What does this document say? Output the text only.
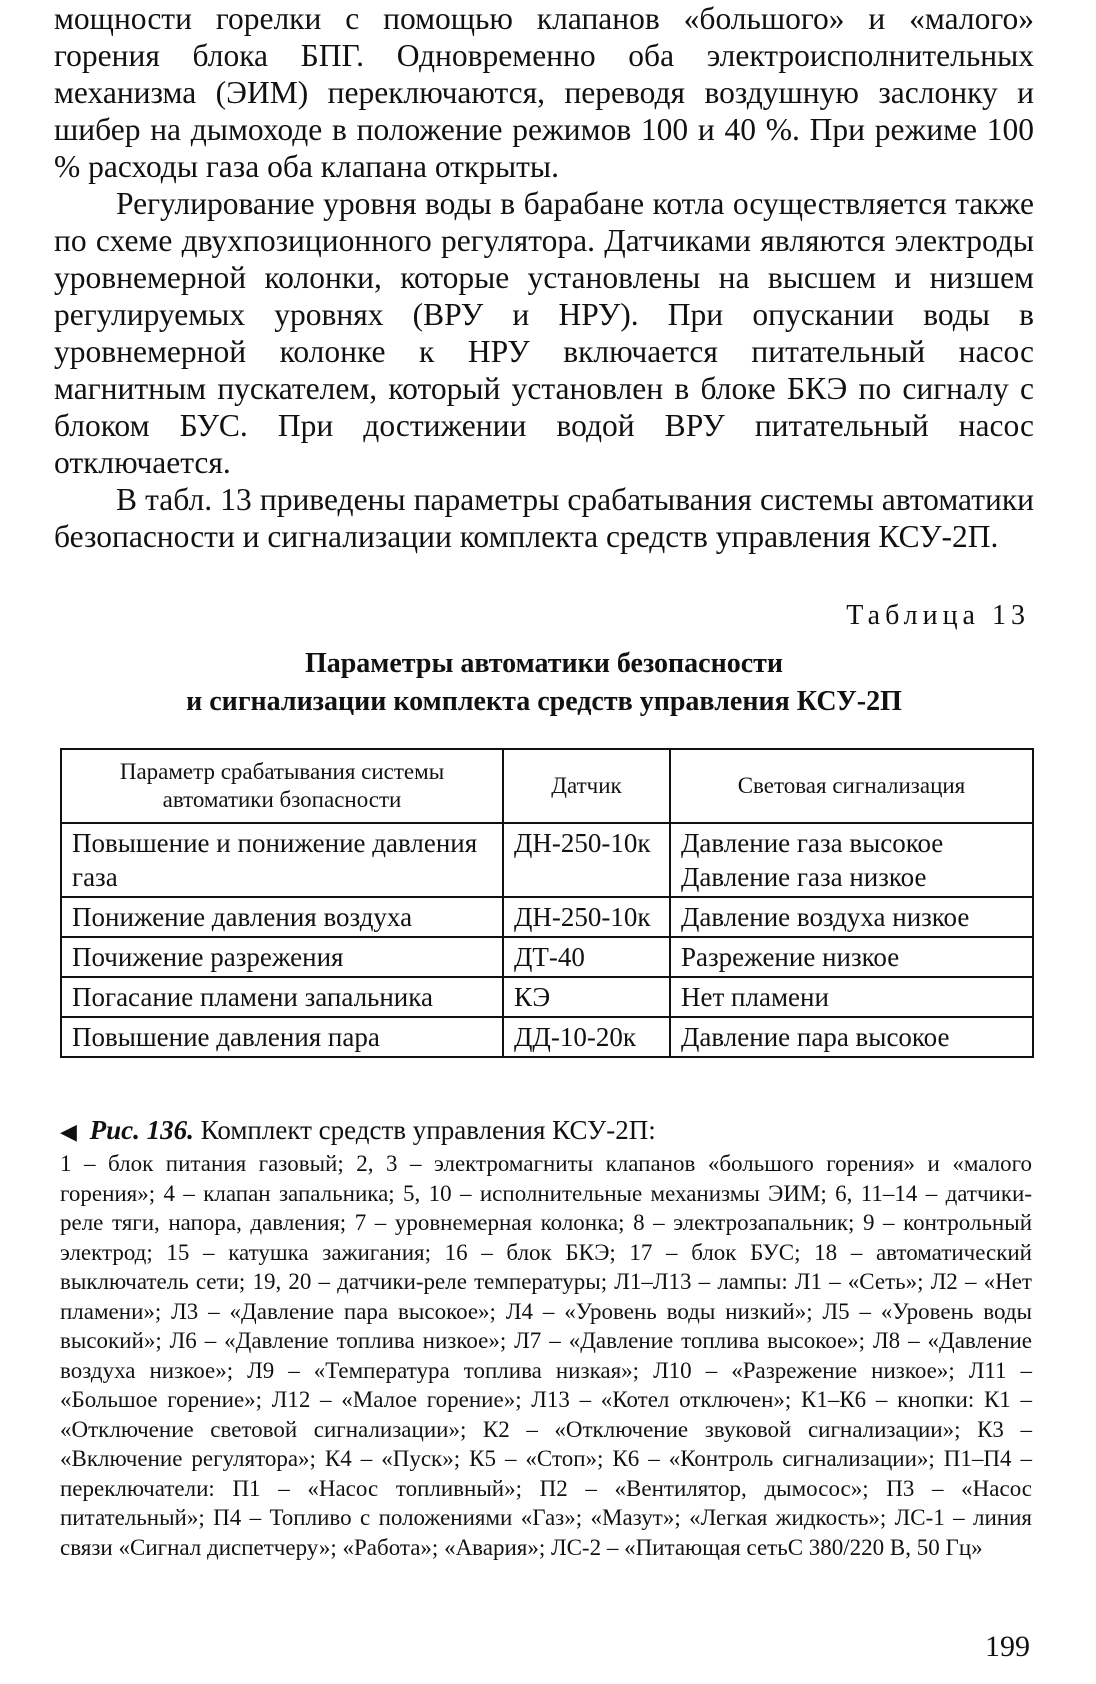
мощности горелки с помощью клапанов «большого» и «малого» горения блока БПГ. Одновременно оба электроисполнительных механизма (ЭИМ) переключаются, переводя воздушную заслонку и шибер на дымоходе в положение режимов 100 и 40 %. При режиме 100 % расходы газа оба клапана открыты.

Регулирование уровня воды в барабане котла осуществляется также по схеме двухпозиционного регулятора. Датчиками являются электроды уровнемерной колонки, которые установлены на высшем и низшем регулируемых уровнях (ВРУ и НРУ). При опускании воды в уровнемерной колонке к НРУ включается питательный насос магнитным пускателем, который установлен в блоке БКЭ по сигналу с блоком БУС. При достижении водой ВРУ питательный насос отключается.

В табл. 13 приведены параметры срабатывания системы автоматики безопасности и сигнализации комплекта средств управления КСУ-2П.

Таблица 13
Параметры автоматики безопасности
и сигнализации комплекта средств управления КСУ-2П
Параметр срабатывания системы автоматики бзопасности	Датчик	Световая сигнализация
Повышение и понижение давления газа	ДН-250-10к	Давление газа высокое Давление газа низкое
Понижение давления воздуха	ДН-250-10к	Давление воздуха низкое
Почижение разрежения	ДТ-40	Разрежение низкое
Погасание пламени запальника	КЭ	Нет пламени
Повышение давления пара	ДД-10-20к	Давление пара высокое
◀ Рис. 136. Комплект средств управления КСУ-2П:
1 – блок питания газовый; 2, 3 – электромагниты клапанов «большого горения» и «малого горения»; 4 – клапан запальника; 5, 10 – исполнительные механизмы ЭИМ; 6, 11–14 – датчики-реле тяги, напора, давления; 7 – уровнемерная колонка; 8 – электрозапальник; 9 – контрольный электрод; 15 – катушка зажигания; 16 – блок БКЭ; 17 – блок БУС; 18 – автоматический выключатель сети; 19, 20 – датчики-реле температуры; Л1–Л13 – лампы: Л1 – «Сеть»; Л2 – «Нет пламени»; Л3 – «Давление пара высокое»; Л4 – «Уровень воды низкий»; Л5 – «Уровень воды высокий»; Л6 – «Давление топлива низкое»; Л7 – «Давление топлива высокое»; Л8 – «Давление воздуха низкое»; Л9 – «Температура топлива низкая»; Л10 – «Разрежение низкое»; Л11 – «Большое горение»; Л12 – «Малое горение»; Л13 – «Котел отключен»; К1–К6 – кнопки: К1 – «Отключение световой сигнализации»; К2 – «Отключение звуковой сигнализации»; К3 – «Включение регулятора»; К4 – «Пуск»; К5 – «Стоп»; К6 – «Контроль сигнализации»; П1–П4 – переключатели: П1 – «Насос топливный»; П2 – «Вентилятор, дымосос»; П3 – «Насос питательный»; П4 – Топливо с положениями «Газ»; «Мазут»; «Легкая жидкость»; ЛС-1 – линия связи «Сигнал диспетчеру»; «Работа»; «Авария»; ЛС-2 – «Питающая сетьС 380/220 В, 50 Гц»
199
